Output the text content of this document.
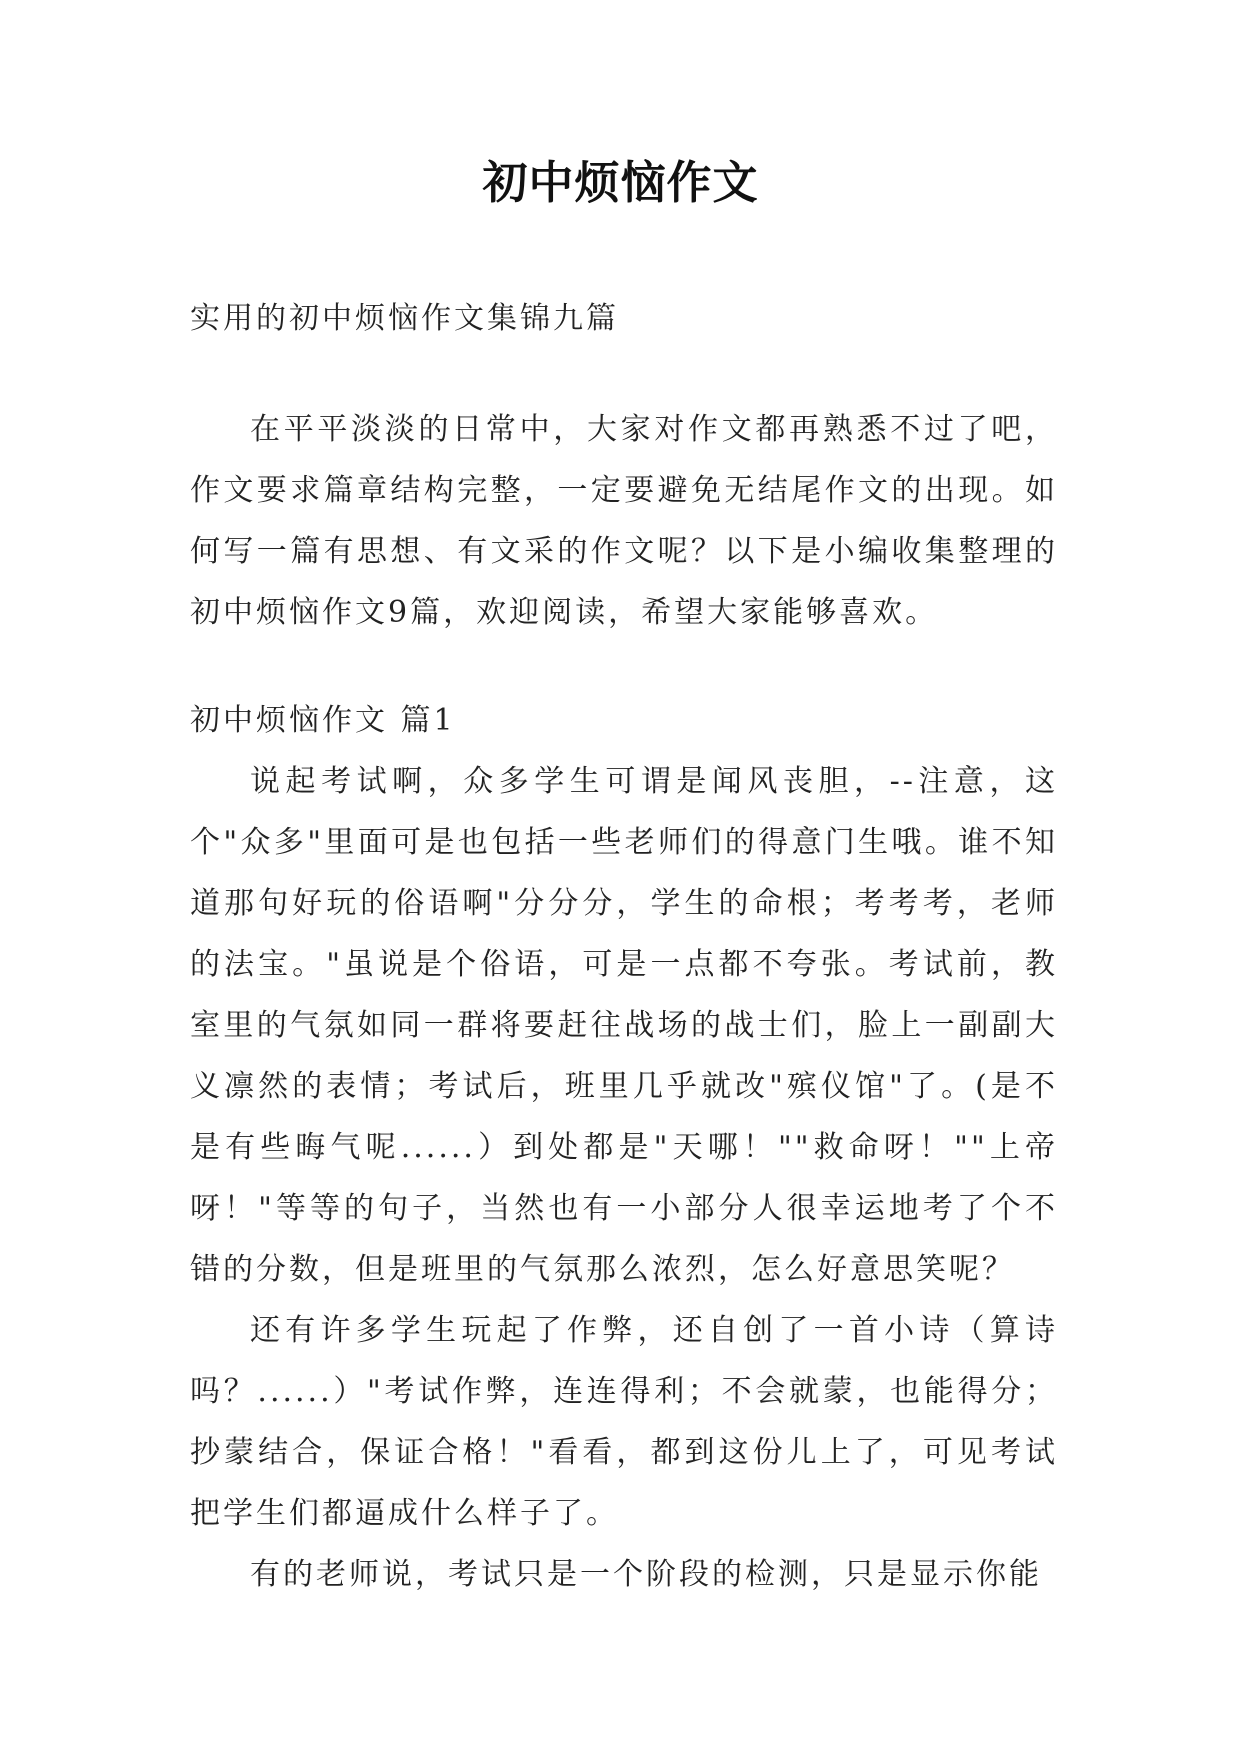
初中烦恼作文
实用的初中烦恼作文集锦九篇

在平平淡淡的日常中，大家对作文都再熟悉不过了吧，作文要求篇章结构完整，一定要避免无结尾作文的出现。如何写一篇有思想、有文采的作文呢？以下是小编收集整理的初中烦恼作文9篇，欢迎阅读，希望大家能够喜欢。

初中烦恼作文 篇1

说起考试啊，众多学生可谓是闻风丧胆，--注意，这个"众多"里面可是也包括一些老师们的得意门生哦。谁不知道那句好玩的俗语啊"分分分，学生的命根；考考考，老师的法宝。"虽说是个俗语，可是一点都不夸张。考试前，教室里的气氛如同一群将要赶往战场的战士们，脸上一副副大义凛然的表情；考试后，班里几乎就改"殡仪馆"了。(是不是有些晦气呢......）到处都是"天哪！""救命呀！""上帝呀！"等等的句子，当然也有一小部分人很幸运地考了个不错的分数，但是班里的气氛那么浓烈，怎么好意思笑呢？

还有许多学生玩起了作弊，还自创了一首小诗（算诗吗？......）"考试作弊，连连得利；不会就蒙，也能得分；抄蒙结合，保证合格！"看看，都到这份儿上了，可见考试把学生们都逼成什么样子了。

有的老师说，考试只是一个阶段的检测，只是显示你能
